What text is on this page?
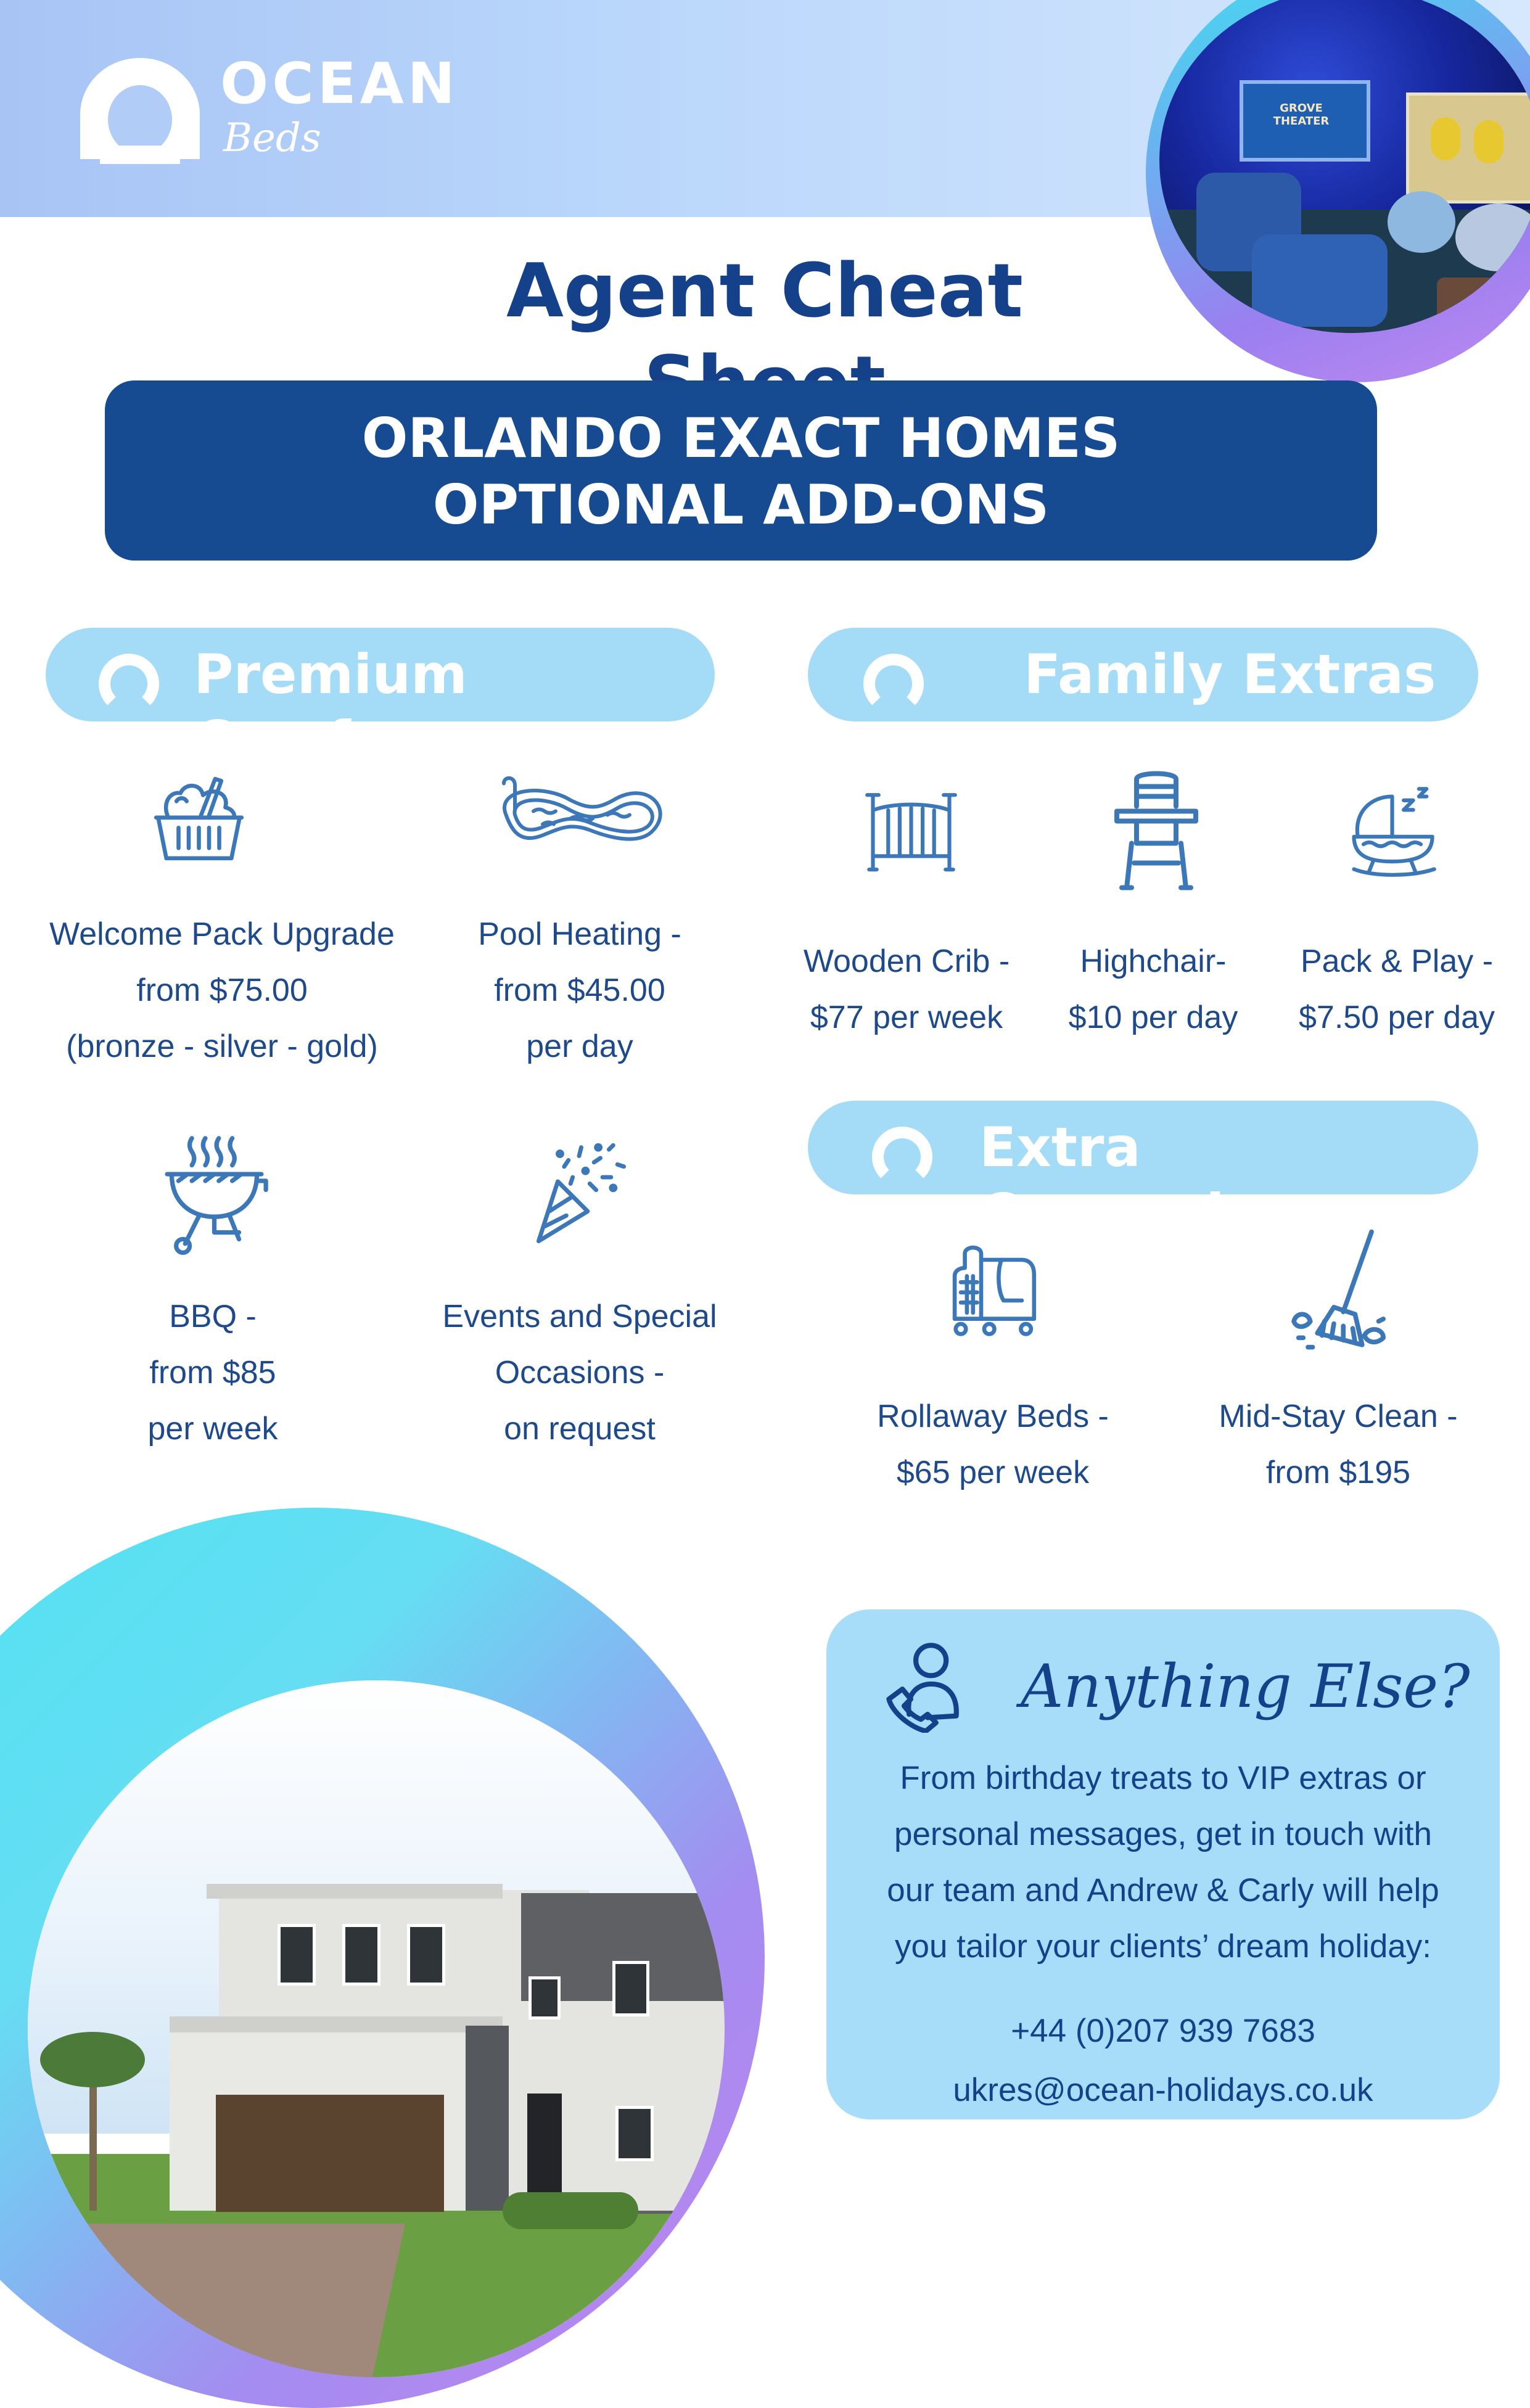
OCEAN
Beds
GROVE THEATER
Agent Cheat
ORLANDO EXACT HOMES
OPTIONAL ADD-ONS
Premium Comfort
Welcome Pack Upgrade
from $75.00
(bronze - silver - gold)
Pool Heating -
from $45.00
per day
BBQ -
from $85
per week
Events and Special
Occasions -
on request
Family Extras
Wooden Crib -
$77 per week
Highchair-
$10 per day
Pack & Play -
$7.50 per day
Extra Convenience
Rollaway Beds -
$65 per week
Mid-Stay Clean -
from $195
Anything Else?
From birthday treats to VIP extras or
personal messages, get in touch with
our team and Andrew & Carly will help
you tailor your clients’ dream holiday:
+44 (0)207 939 7683
ukres@ocean-holidays.co.uk
